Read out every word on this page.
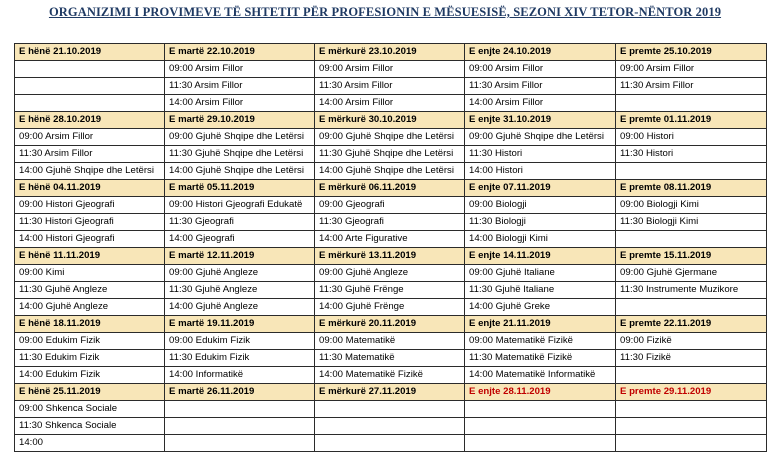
ORGANIZIMI I PROVIMEVE TË SHTETIT PËR PROFESIONIN E MËSUESISË, SEZONI XIV TETOR-NËNTOR 2019
E hënë 21.10.2019	E martë 22.10.2019	E mërkurë 23.10.2019	E enjte 24.10.2019	E premte 25.10.2019
	09:00 Arsim Fillor	09:00 Arsim Fillor	09:00 Arsim Fillor	09:00 Arsim Fillor
	11:30 Arsim Fillor	11:30 Arsim Fillor	11:30 Arsim Fillor	11:30 Arsim Fillor
	14:00 Arsim Fillor	14:00 Arsim Fillor	14:00 Arsim Fillor	
E hënë 28.10.2019	E martë 29.10.2019	E mërkurë 30.10.2019	E enjte 31.10.2019	E premte 01.11.2019
09:00 Arsim Fillor	09:00 Gjuhë Shqipe dhe Letërsi	09:00 Gjuhë Shqipe dhe Letërsi	09:00 Gjuhë Shqipe dhe Letërsi	09:00 Histori
11:30 Arsim Fillor	11:30 Gjuhë Shqipe dhe Letërsi	11:30 Gjuhë Shqipe dhe Letërsi	11:30 Histori	11:30 Histori
14:00 Gjuhë Shqipe dhe Letërsi	14:00 Gjuhë Shqipe dhe Letërsi	14:00 Gjuhë Shqipe dhe Letërsi	14:00 Histori	
E hënë 04.11.2019	E martë 05.11.2019	E mërkurë 06.11.2019	E enjte 07.11.2019	E premte 08.11.2019
09:00 Histori Gjeografi	09:00 Histori Gjeografi Edukatë	09:00 Gjeografi	09:00 Biologji	09:00 Biologji Kimi
11:30 Histori Gjeografi	11:30 Gjeografi	11:30 Gjeografi	11:30 Biologji	11:30 Biologji Kimi
14:00 Histori Gjeografi	14:00 Gjeografi	14:00 Arte Figurative	14:00 Biologji Kimi	
E hënë 11.11.2019	E martë 12.11.2019	E mërkurë 13.11.2019	E enjte 14.11.2019	E premte 15.11.2019
09:00 Kimi	09:00 Gjuhë Angleze	09:00 Gjuhë Angleze	09:00 Gjuhë Italiane	09:00 Gjuhë Gjermane
11:30 Gjuhë Angleze	11:30 Gjuhë Angleze	11:30 Gjuhë Frënge	11:30 Gjuhë Italiane	11:30 Instrumente Muzikore
14:00 Gjuhë Angleze	14:00 Gjuhë Angleze	14:00 Gjuhë Frënge	14:00 Gjuhë Greke	
E hënë 18.11.2019	E martë 19.11.2019	E mërkurë 20.11.2019	E enjte 21.11.2019	E premte 22.11.2019
09:00 Edukim Fizik	09:00 Edukim Fizik	09:00 Matematikë	09:00 Matematikë Fizikë	09:00 Fizikë
11:30 Edukim Fizik	11:30 Edukim Fizik	11:30 Matematikë	11:30 Matematikë Fizikë	11:30 Fizikë
14:00 Edukim Fizik	14:00 Informatikë	14:00 Matematikë Fizikë	14:00 Matematikë Informatikë	
E hënë 25.11.2019	E martë 26.11.2019	E mërkurë 27.11.2019	E enjte 28.11.2019	E premte 29.11.2019
09:00 Shkenca Sociale				
11:30 Shkenca Sociale				
14:00				
